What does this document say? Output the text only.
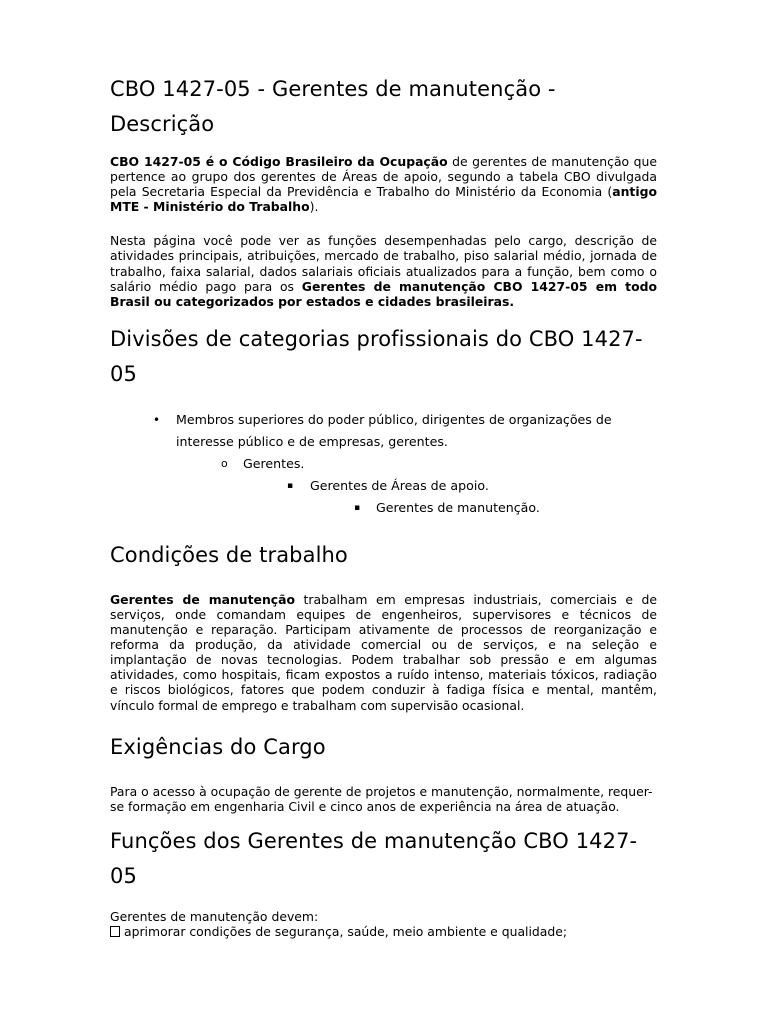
CBO 1427-05 - Gerentes de manutenção - Descrição

CBO 1427-05 é o Código Brasileiro da Ocupação de gerentes de manutenção que pertence ao grupo dos gerentes de Áreas de apoio, segundo a tabela CBO divulgada pela Secretaria Especial da Previdência e Trabalho do Ministério da Economia (antigo MTE - Ministério do Trabalho).

Nesta página você pode ver as funções desempenhadas pelo cargo, descrição de atividades principais, atribuições, mercado de trabalho, piso salarial médio, jornada de trabalho, faixa salarial, dados salariais oficiais atualizados para a função, bem como o salário médio pago para os Gerentes de manutenção CBO 1427-05 em todo Brasil ou categorizados por estados e cidades brasileiras.

Divisões de categorias profissionais do CBO 1427-05
• Membros superiores do poder público, dirigentes de organizações de interesse público e de empresas, gerentes.
o Gerentes.
▪ Gerentes de Áreas de apoio.
▪ Gerentes de manutenção.
Condições de trabalho

Gerentes de manutenção trabalham em empresas industriais, comerciais e de serviços, onde comandam equipes de engenheiros, supervisores e técnicos de manutenção e reparação. Participam ativamente de processos de reorganização e reforma da produção, da atividade comercial ou de serviços, e na seleção e implantação de novas tecnologias. Podem trabalhar sob pressão e em algumas atividades, como hospitais, ficam expostos a ruído intenso, materiais tóxicos, radiação e riscos biológicos, fatores que podem conduzir à fadiga física e mental, mantêm, vínculo formal de emprego e trabalham com supervisão ocasional.

Exigências do Cargo

Para o acesso à ocupação de gerente de projetos e manutenção, normalmente, requer-se formação em engenharia Civil e cinco anos de experiência na área de atuação.

Funções dos Gerentes de manutenção CBO 1427-05

Gerentes de manutenção devem:
aprimorar condições de segurança, saúde, meio ambiente e qualidade;
